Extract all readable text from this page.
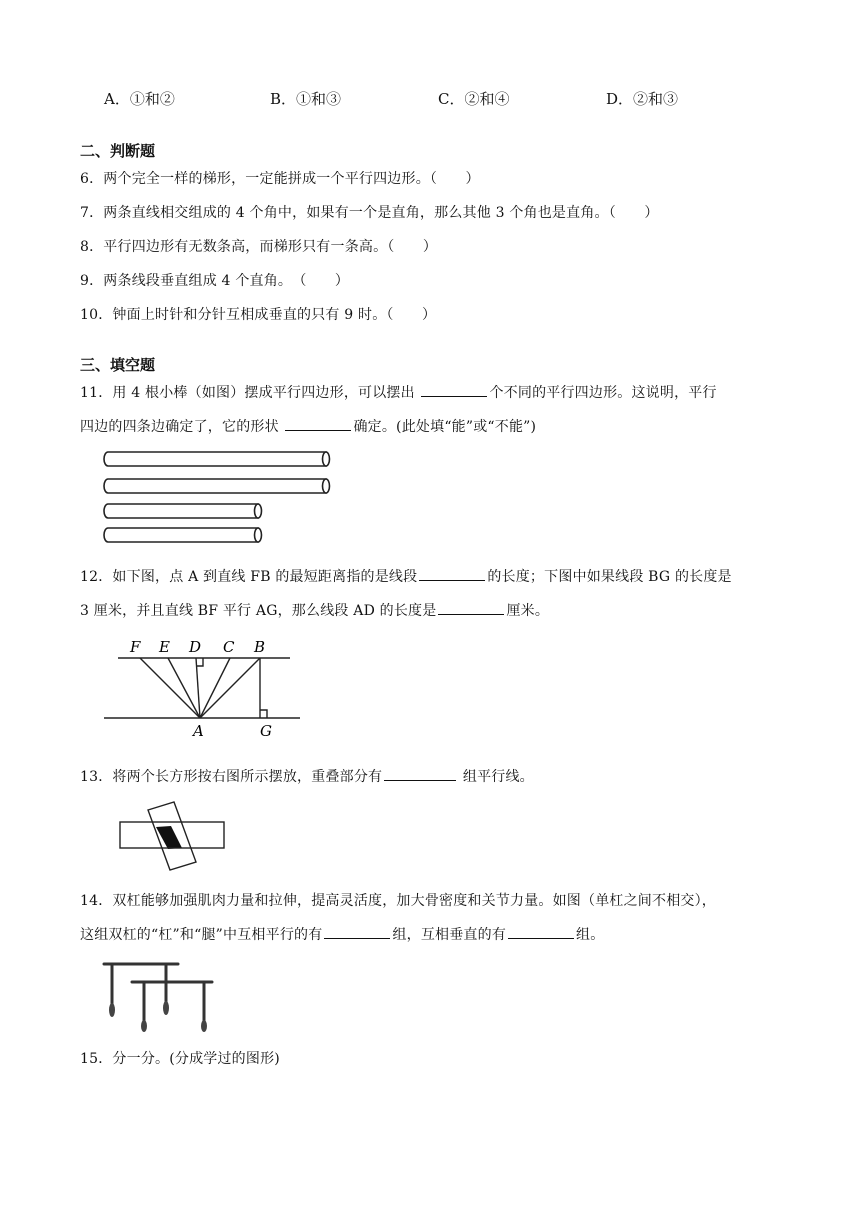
A．①和②	B．①和③	C．②和④	D．②和③
二、判断题
6．两个完全一样的梯形，一定能拼成一个平行四边形。（　　）
7．两条直线相交组成的 4 个角中，如果有一个是直角，那么其他 3 个角也是直角。（　　）
8．平行四边形有无数条高，而梯形只有一条高。（　　）
9．两条线段垂直组成 4 个直角。　（　　）
10．钟面上时针和分针互相成垂直的只有 9 时。（　　）
三、填空题
11．用 4 根小棒（如图）摆成平行四边形，可以摆出	个不同的平行四边形。这说明，平行
四边的四条边确定了，它的形状	确定。(此处填“能”或“不能”)
12．如下图，点 A 到直线 FB 的最短距离指的是线段	的长度；下图中如果线段 BG 的长度是
3 厘米，并且直线 BF 平行 AG，那么线段 AD 的长度是	厘米。
F E D C B
A	G
13．将两个长方形按右图所示摆放，重叠部分有	组平行线。
14．双杠能够加强肌肉力量和拉伸，提高灵活度，加大骨密度和关节力量。如图（单杠之间不相交），
这组双杠的“杠”和“腿”中互相平行的有	组，互相垂直的有	组。
15．分一分。(分成学过的图形)
